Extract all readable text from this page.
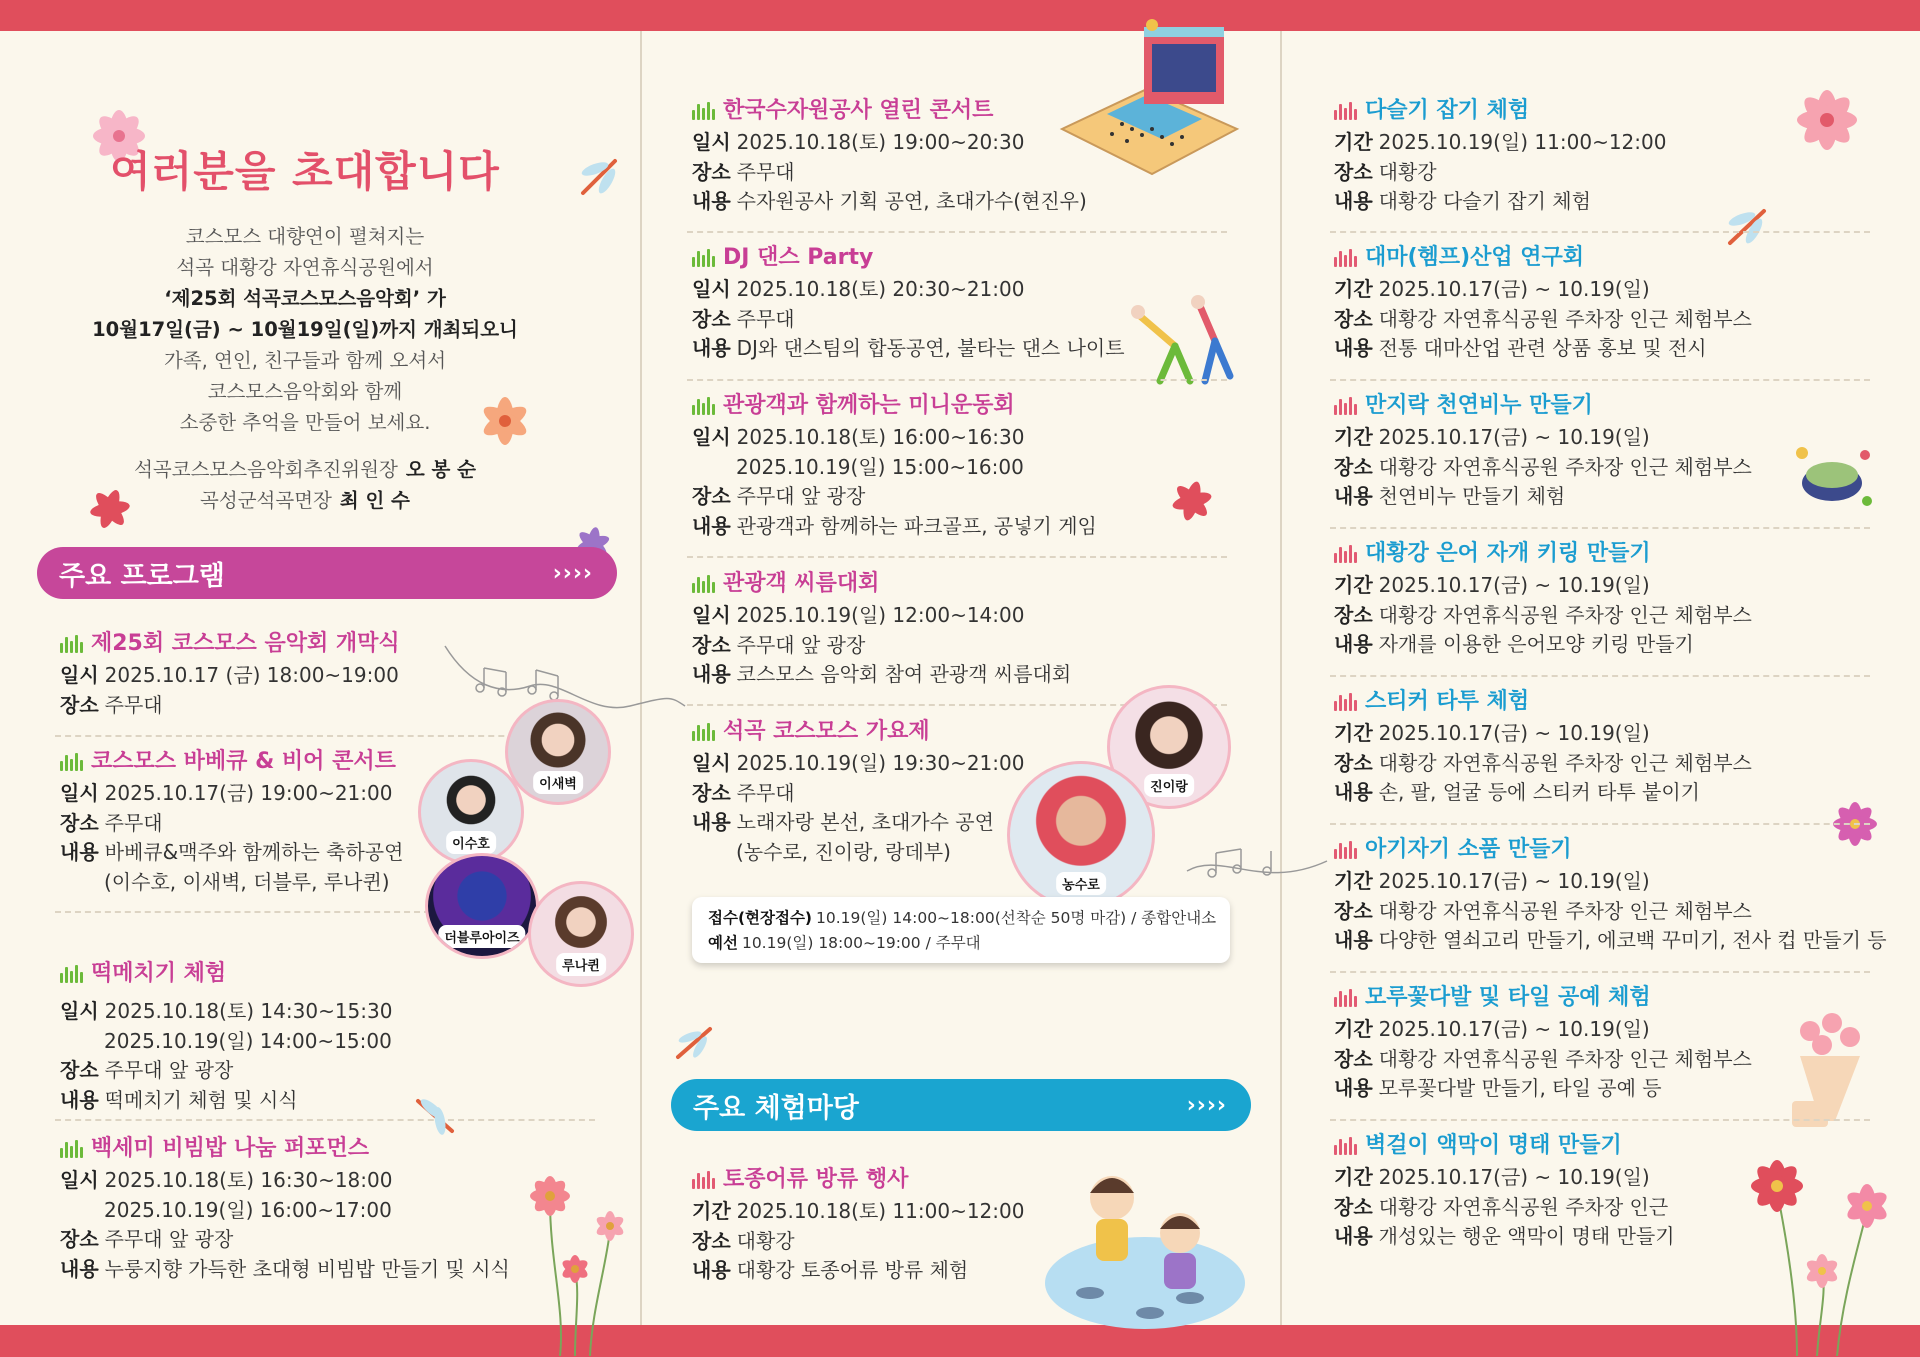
여러분을 초대합니다
코스모스 대향연이 펼쳐지는
석곡 대황강 자연휴식공원에서
‘제25회 석곡코스모스음악회’ 가
10월17일(금) ~ 10월19일(일)까지 개최되오니
가족, 연인, 친구들과 함께 오셔서
코스모스음악회와 함께
소중한 추억을 만들어 보세요.
석곡코스모스음악회추진위원장 오 봉 순
곡성군석곡면장 최 인 수
주요 프로그램	››››
제25회 코스모스 음악회 개막식
일시 2025.10.17 (금) 18:00~19:00
장소 주무대
코스모스 바베큐 & 비어 콘서트
일시 2025.10.17(금) 19:00~21:00
장소 주무대
내용 바베큐&맥주와 함께하는 축하공연
(이수호, 이새벽, 더블루, 루나퀸)
이새벽
이수호
더블루아이즈
루나퀸
떡메치기 체험
일시 2025.10.18(토) 14:30~15:30
2025.10.19(일) 14:00~15:00
장소 주무대 앞 광장
내용 떡메치기 체험 및 시식
백세미 비빔밥 나눔 퍼포먼스
일시 2025.10.18(토) 16:30~18:00
2025.10.19(일) 16:00~17:00
장소 주무대 앞 광장
내용 누룽지향 가득한 초대형 비빔밥 만들기 및 시식
한국수자원공사 열린 콘서트
일시 2025.10.18(토) 19:00~20:30
장소 주무대
내용 수자원공사 기획 공연, 초대가수(현진우)
DJ 댄스 Party
일시 2025.10.18(토) 20:30~21:00
장소 주무대
내용 DJ와 댄스팀의 합동공연, 불타는 댄스 나이트
관광객과 함께하는 미니운동회
일시 2025.10.18(토) 16:00~16:30
2025.10.19(일) 15:00~16:00
장소 주무대 앞 광장
내용 관광객과 함께하는 파크골프, 공넣기 게임
관광객 씨름대회
일시 2025.10.19(일) 12:00~14:00
장소 주무대 앞 광장
내용 코스모스 음악회 참여 관광객 씨름대회
석곡 코스모스 가요제
일시 2025.10.19(일) 19:30~21:00
장소 주무대
내용 노래자랑 본선, 초대가수 공연
(농수로, 진이랑, 랑데부)
진이랑
농수로
접수(현장접수) 10.19(일) 14:00~18:00(선착순 50명 마감) / 종합안내소
예선 10.19(일) 18:00~19:00 / 주무대
주요 체험마당	››››
토종어류 방류 행사
기간 2025.10.18(토) 11:00~12:00
장소 대황강
내용 대황강 토종어류 방류 체험
다슬기 잡기 체험
기간 2025.10.19(일) 11:00~12:00
장소 대황강
내용 대황강 다슬기 잡기 체험
대마(헴프)산업 연구회
기간 2025.10.17(금) ~ 10.19(일)
장소 대황강 자연휴식공원 주차장 인근 체험부스
내용 전통 대마산업 관련 상품 홍보 및 전시
만지락 천연비누 만들기
기간 2025.10.17(금) ~ 10.19(일)
장소 대황강 자연휴식공원 주차장 인근 체험부스
내용 천연비누 만들기 체험
대황강 은어 자개 키링 만들기
기간 2025.10.17(금) ~ 10.19(일)
장소 대황강 자연휴식공원 주차장 인근 체험부스
내용 자개를 이용한 은어모양 키링 만들기
스티커 타투 체험
기간 2025.10.17(금) ~ 10.19(일)
장소 대황강 자연휴식공원 주차장 인근 체험부스
내용 손, 팔, 얼굴 등에 스티커 타투 붙이기
아기자기 소품 만들기
기간 2025.10.17(금) ~ 10.19(일)
장소 대황강 자연휴식공원 주차장 인근 체험부스
내용 다양한 열쇠고리 만들기, 에코백 꾸미기, 전사 컵 만들기 등
모루꽃다발 및 타일 공예 체험
기간 2025.10.17(금) ~ 10.19(일)
장소 대황강 자연휴식공원 주차장 인근 체험부스
내용 모루꽃다발 만들기, 타일 공예 등
벽걸이 액막이 명태 만들기
기간 2025.10.17(금) ~ 10.19(일)
장소 대황강 자연휴식공원 주차장 인근
내용 개성있는 행운 액막이 명태 만들기
